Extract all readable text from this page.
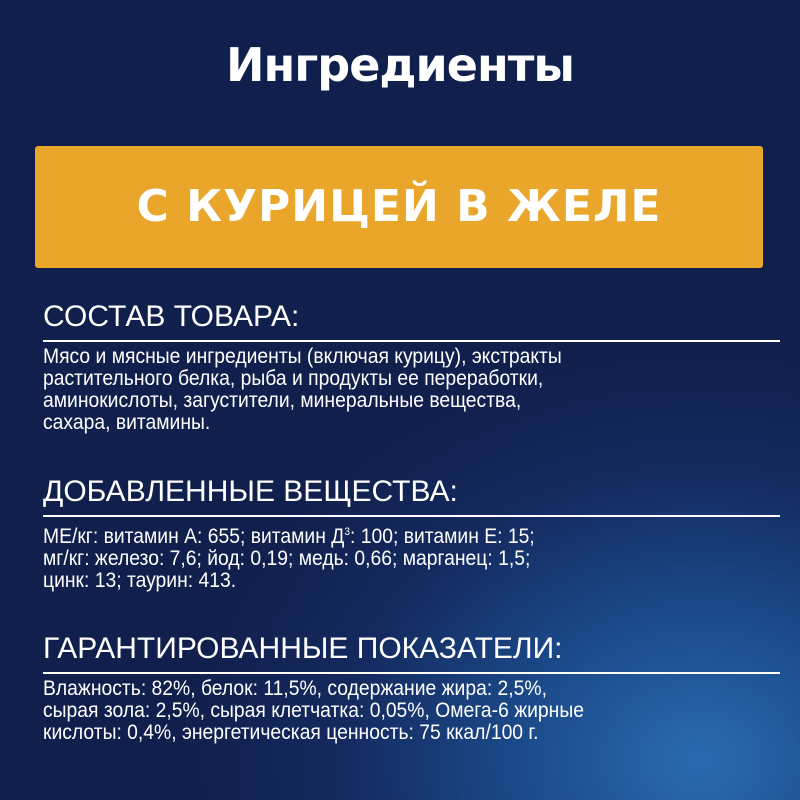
Ингредиенты
С КУРИЦЕЙ В ЖЕЛЕ
СОСТАВ ТОВАРА:

Мясо и мясные ингредиенты (включая курицу), экстракты
растительного белка, рыба и продукты ее переработки,
аминокислоты, загустители, минеральные вещества,
сахара, витамины.

ДОБАВЛЕННЫЕ ВЕЩЕСТВА:

МЕ/кг: витамин А: 655; витамин $Д^3$: 100; витамин Е: 15;
мг/кг: железо: 7,6; йод: 0,19; медь: 0,66; марганец: 1,5;
цинк: 13; таурин: 413.

ГАРАНТИРОВАННЫЕ ПОКАЗАТЕЛИ:

Влажность: 82%, белок: 11,5%, содержание жира: 2,5%,
сырая зола: 2,5%, сырая клетчатка: 0,05%, Омега-6 жирные
кислоты: 0,4%, энергетическая ценность: 75 ккал/100 г.
